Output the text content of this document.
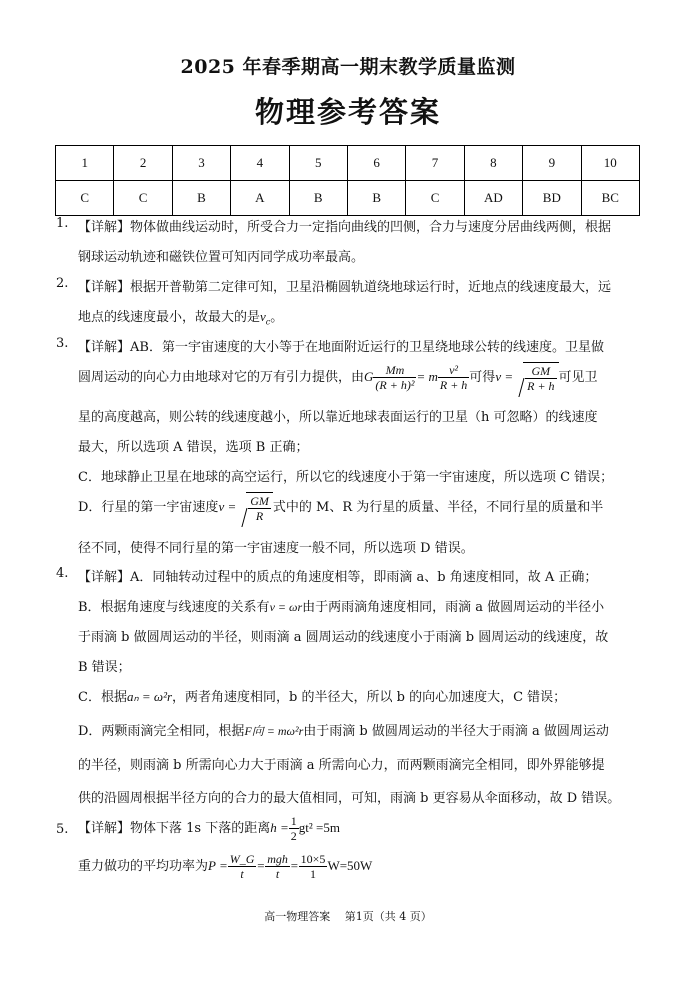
2025 年春季期高一期末教学质量监测
物理参考答案
1	2	3	4	5	6	7	8	9	10
C	C	B	A	B	B	C	AD	BD	BC
1. 【详解】物体做曲线运动时，所受合力一定指向曲线的凹侧，合力与速度分居曲线两侧，根据
钢球运动轨迹和磁铁位置可知丙同学成功率最高。
2. 【详解】根据开普勒第二定律可知，卫星沿椭圆轨道绕地球运行时，近地点的线速度最大，远
地点的线速度最小，故最大的是$v_c$。
3. 【详解】AB．第一宇宙速度的大小等于在地面附近运行的卫星绕地球公转的线速度。卫星做
圆周运动的向心力由地球对它的万有引力提供，由G $\frac{Mm}{\text{(R + h)²}} = m \frac{\text{v²}}{R + h}$ 可得$v = \frac{GM}{R + h}$ 可见卫
星的高度越高，则公转的线速度越小，所以靠近地球表面运行的卫星（h 可忽略）的线速度
最大，所以选项 A 错误，选项 B 正确；
C．地球静止卫星在地球的高空运行，所以它的线速度小于第一宇宙速度，所以选项 C 错误；
D．行星的第一宇宙速度$v = \frac{GM}{R}$ 式中的 M、R 为行星的质量、半径，不同行星的质量和半
径不同，使得不同行星的第一宇宙速度一般不同，所以选项 D 错误。
4. 【详解】A．同轴转动过程中的质点的角速度相等，即雨滴 a、b 角速度相同，故 A 正确；
B．根据角速度与线速度的关系有v = ωr由于两雨滴角速度相同，雨滴 a 做圆周运动的半径小
于雨滴 b 做圆周运动的半径，则雨滴 a 圆周运动的线速度小于雨滴 b 圆周运动的线速度，故
B 错误；
C．根据aₙ = ω²r，两者角速度相同，b 的半径大，所以 b 的向心加速度大，C 错误；
D．两颗雨滴完全相同，根据F向 = mω²r由于雨滴 b 做圆周运动的半径大于雨滴 a 做圆周运动
的半径，则雨滴 b 所需向心力大于雨滴 a 所需向心力，而两颗雨滴完全相同，即外界能够提
供的沿圆周根据半径方向的合力的最大值相同，可知，雨滴 b 更容易从伞面移动，故 D 错误。
5. 【详解】物体下落 1s 下落的距离$h = \frac{1}{2} gt^2 =5m$
重力做功的平均功率为$P = \frac{W\_G}{t} = \frac{\text{mgh}}{t} = \frac{10\times 5}{1} W=50W$
高一物理答案　 第1页（共 4 页）
